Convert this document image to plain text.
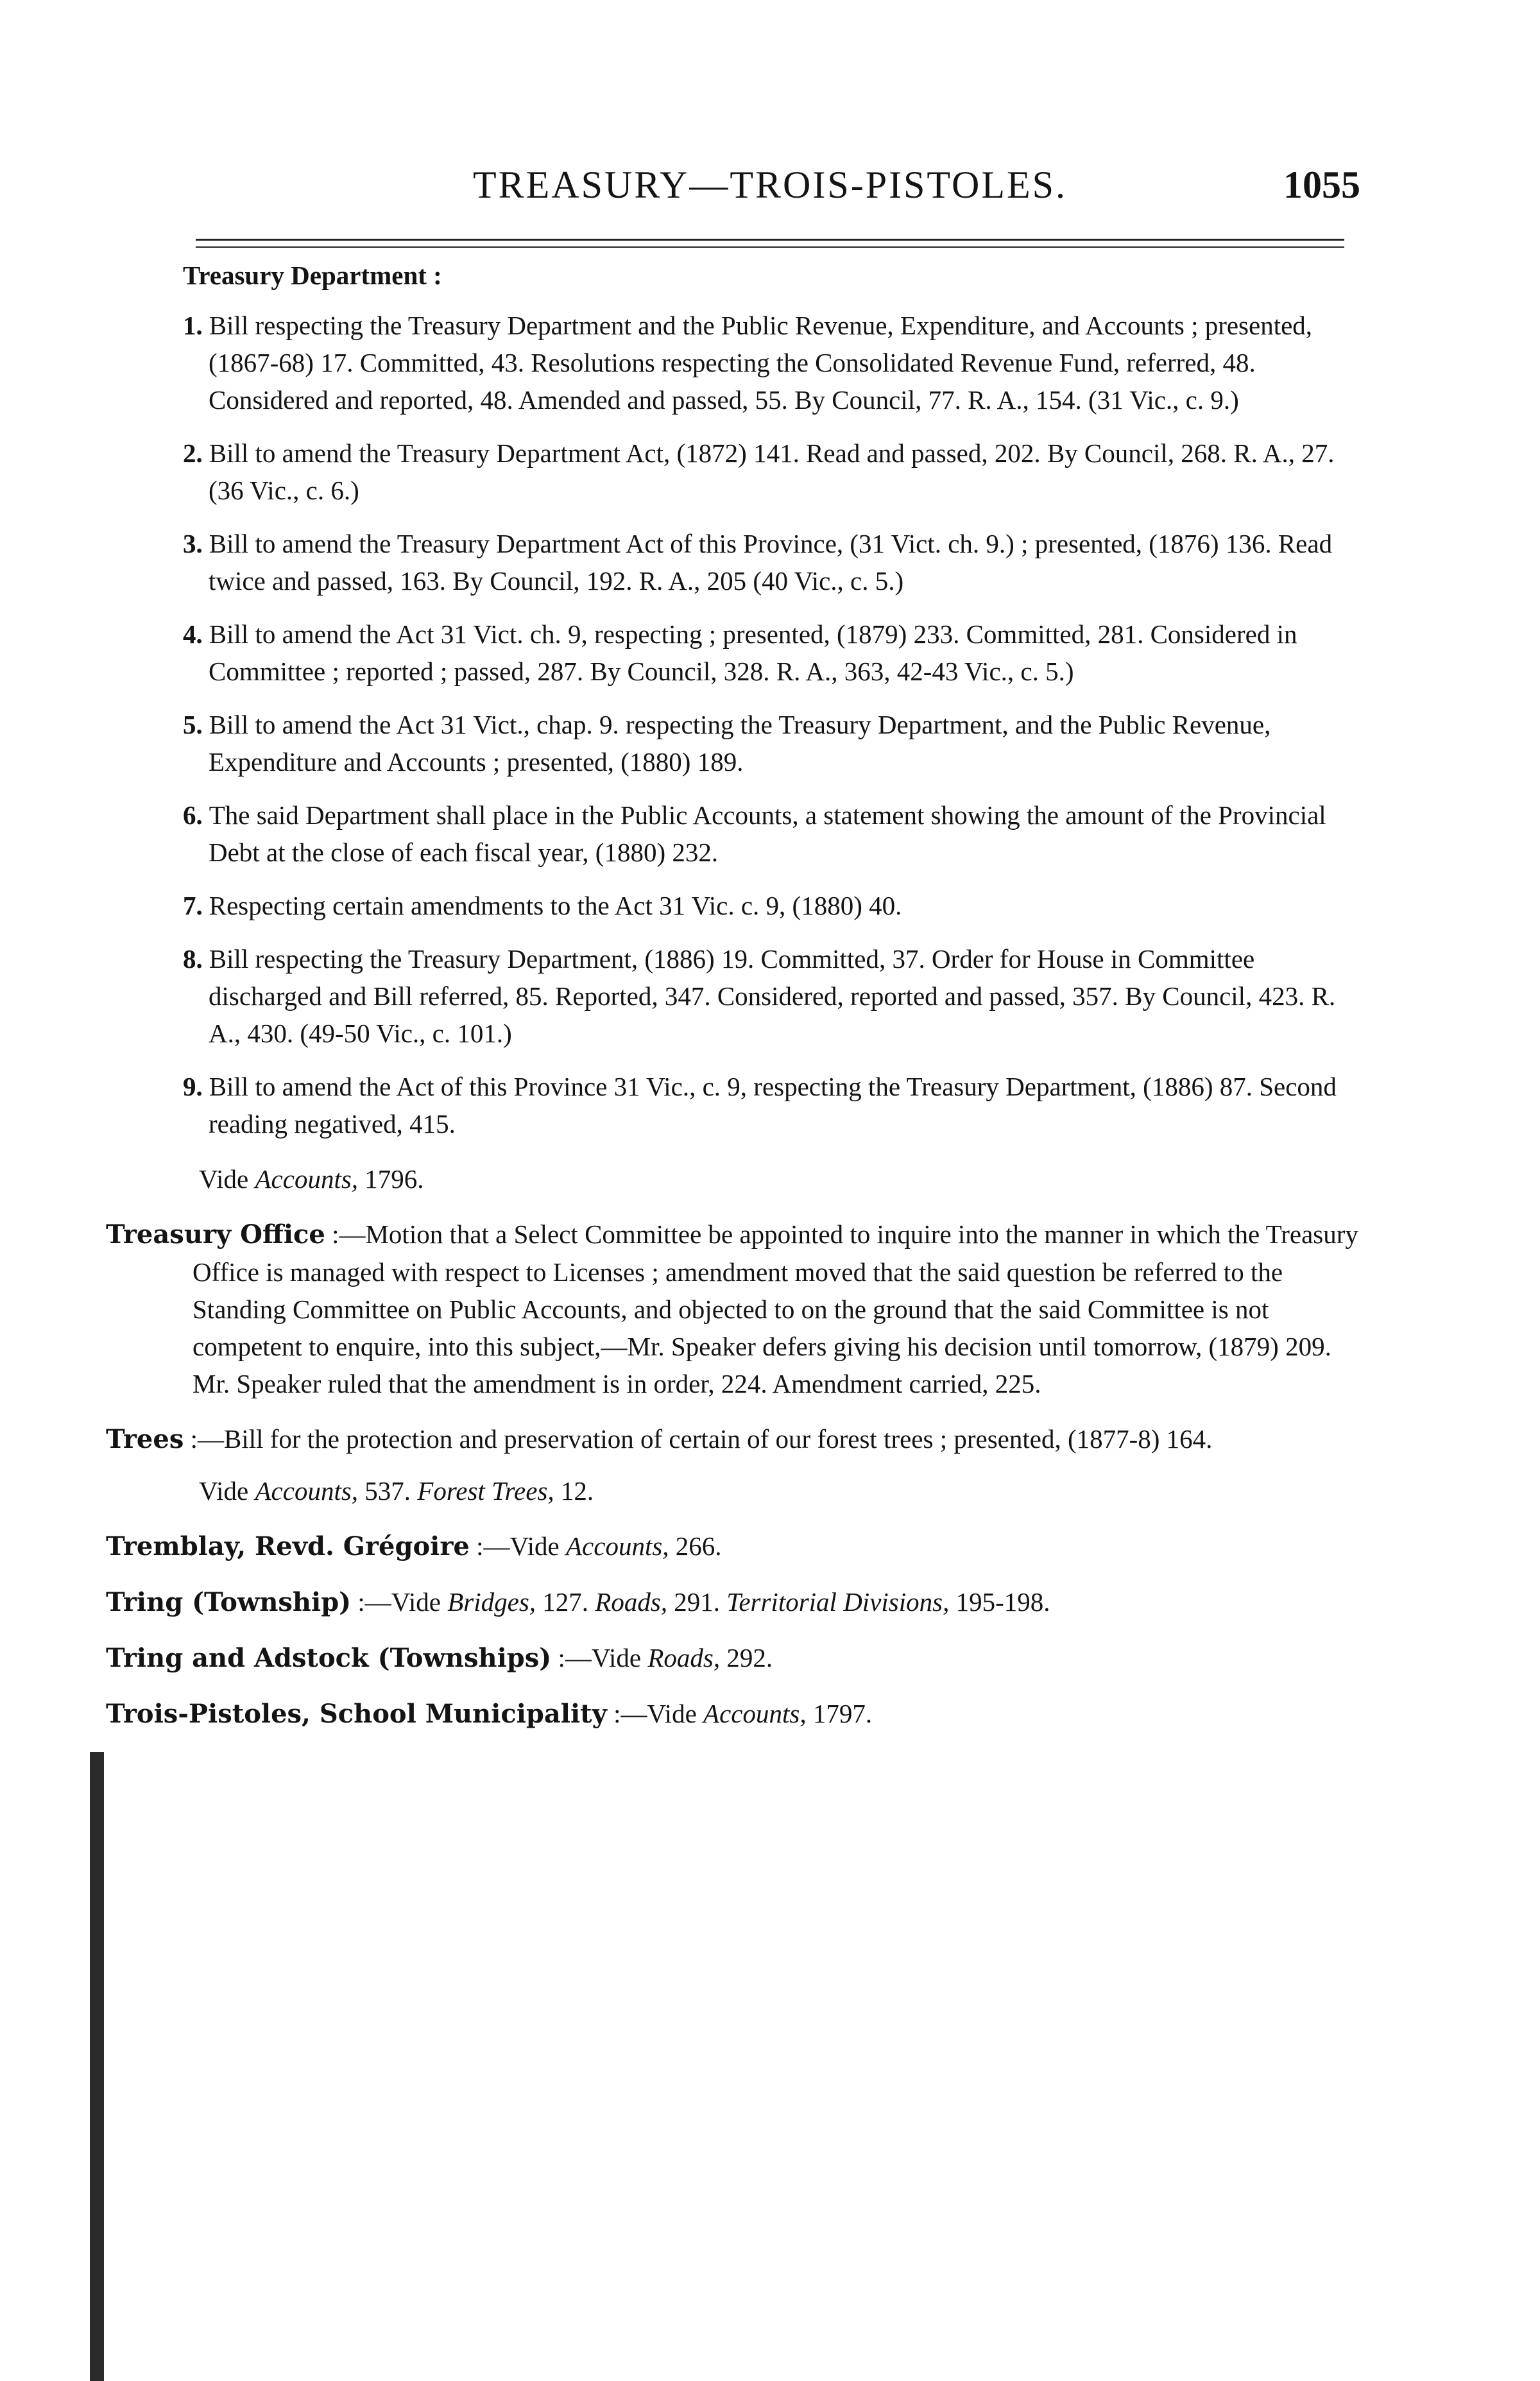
TREASURY—TROIS-PISTOLES.	1055
Treasury Department :
1. Bill respecting the Treasury Department and the Public Revenue, Expenditure, and Accounts ; presented, (1867-68) 17. Committed, 43. Resolutions respecting the Consolidated Revenue Fund, referred, 48. Considered and reported, 48. Amended and passed, 55. By Council, 77. R. A., 154. (31 Vic., c. 9.)
2. Bill to amend the Treasury Department Act, (1872) 141. Read and passed, 202. By Council, 268. R. A., 27. (36 Vic., c. 6.)
3. Bill to amend the Treasury Department Act of this Province, (31 Vict. ch. 9.) ; presented, (1876) 136. Read twice and passed, 163. By Council, 192. R. A., 205 (40 Vic., c. 5.)
4. Bill to amend the Act 31 Vict. ch. 9, respecting ; presented, (1879) 233. Committed, 281. Considered in Committee ; reported ; passed, 287. By Council, 328. R. A., 363, 42-43 Vic., c. 5.)
5. Bill to amend the Act 31 Vict., chap. 9. respecting the Treasury Department, and the Public Revenue, Expenditure and Accounts ; presented, (1880) 189.
6. The said Department shall place in the Public Accounts, a statement showing the amount of the Provincial Debt at the close of each fiscal year, (1880) 232.
7. Respecting certain amendments to the Act 31 Vic. c. 9, (1880) 40.
8. Bill respecting the Treasury Department, (1886) 19. Committed, 37. Order for House in Committee discharged and Bill referred, 85. Reported, 347. Considered, reported and passed, 357. By Council, 423. R. A., 430. (49-50 Vic., c. 101.)
9. Bill to amend the Act of this Province 31 Vic., c. 9, respecting the Treasury Department, (1886) 87. Second reading negatived, 415.
Vide Accounts, 1796.
Treasury Office :—Motion that a Select Committee be appointed to inquire into the manner in which the Treasury Office is managed with respect to Licenses ; amendment moved that the said question be referred to the Standing Committee on Public Accounts, and objected to on the ground that the said Committee is not competent to enquire, into this subject,—Mr. Speaker defers giving his decision until tomorrow, (1879) 209. Mr. Speaker ruled that the amendment is in order, 224. Amendment carried, 225.
Trees :—Bill for the protection and preservation of certain of our forest trees ; presented, (1877-8) 164.
Vide Accounts, 537. Forest Trees, 12.
Tremblay, Revd. Grégoire :—Vide Accounts, 266.
Tring (Township) :—Vide Bridges, 127. Roads, 291. Territorial Divisions, 195-198.
Tring and Adstock (Townships) :—Vide Roads, 292.
Trois-Pistoles, School Municipality :—Vide Accounts, 1797.
